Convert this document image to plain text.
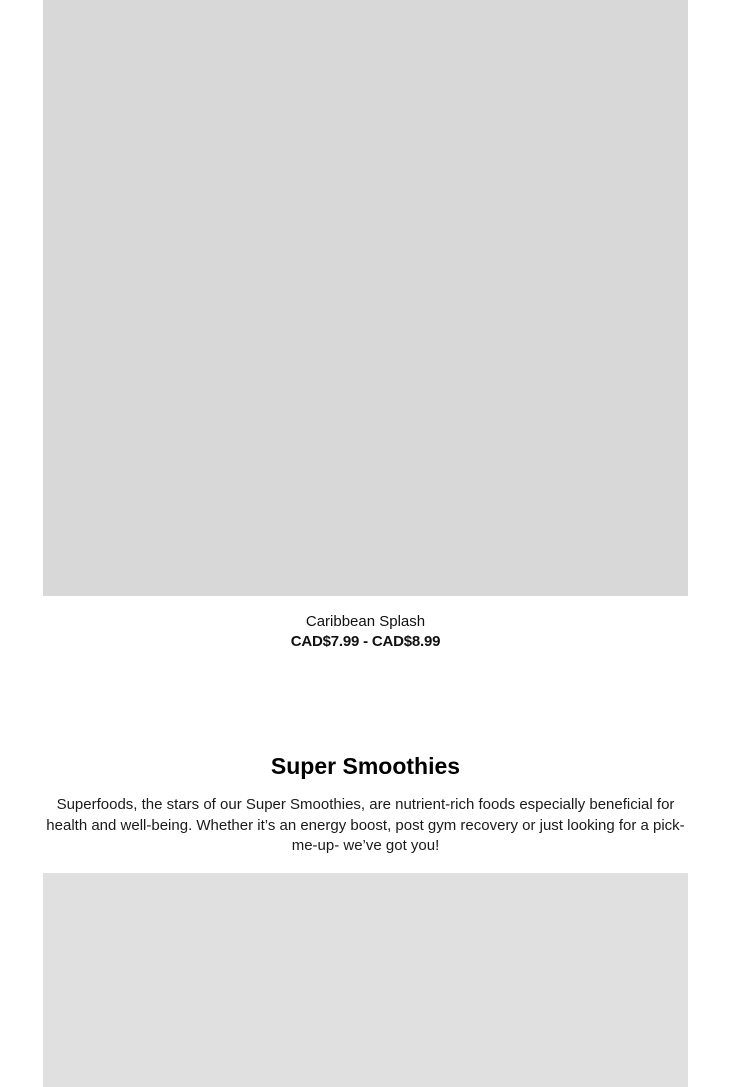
Caribbean Splash
CAD$7.99 - CAD$8.99
Super Smoothies

Superfoods, the stars of our Super Smoothies, are nutrient-rich foods especially beneficial for health and well-being. Whether it’s an energy boost, post gym recovery or just looking for a pick-me-up- we’ve got you!
